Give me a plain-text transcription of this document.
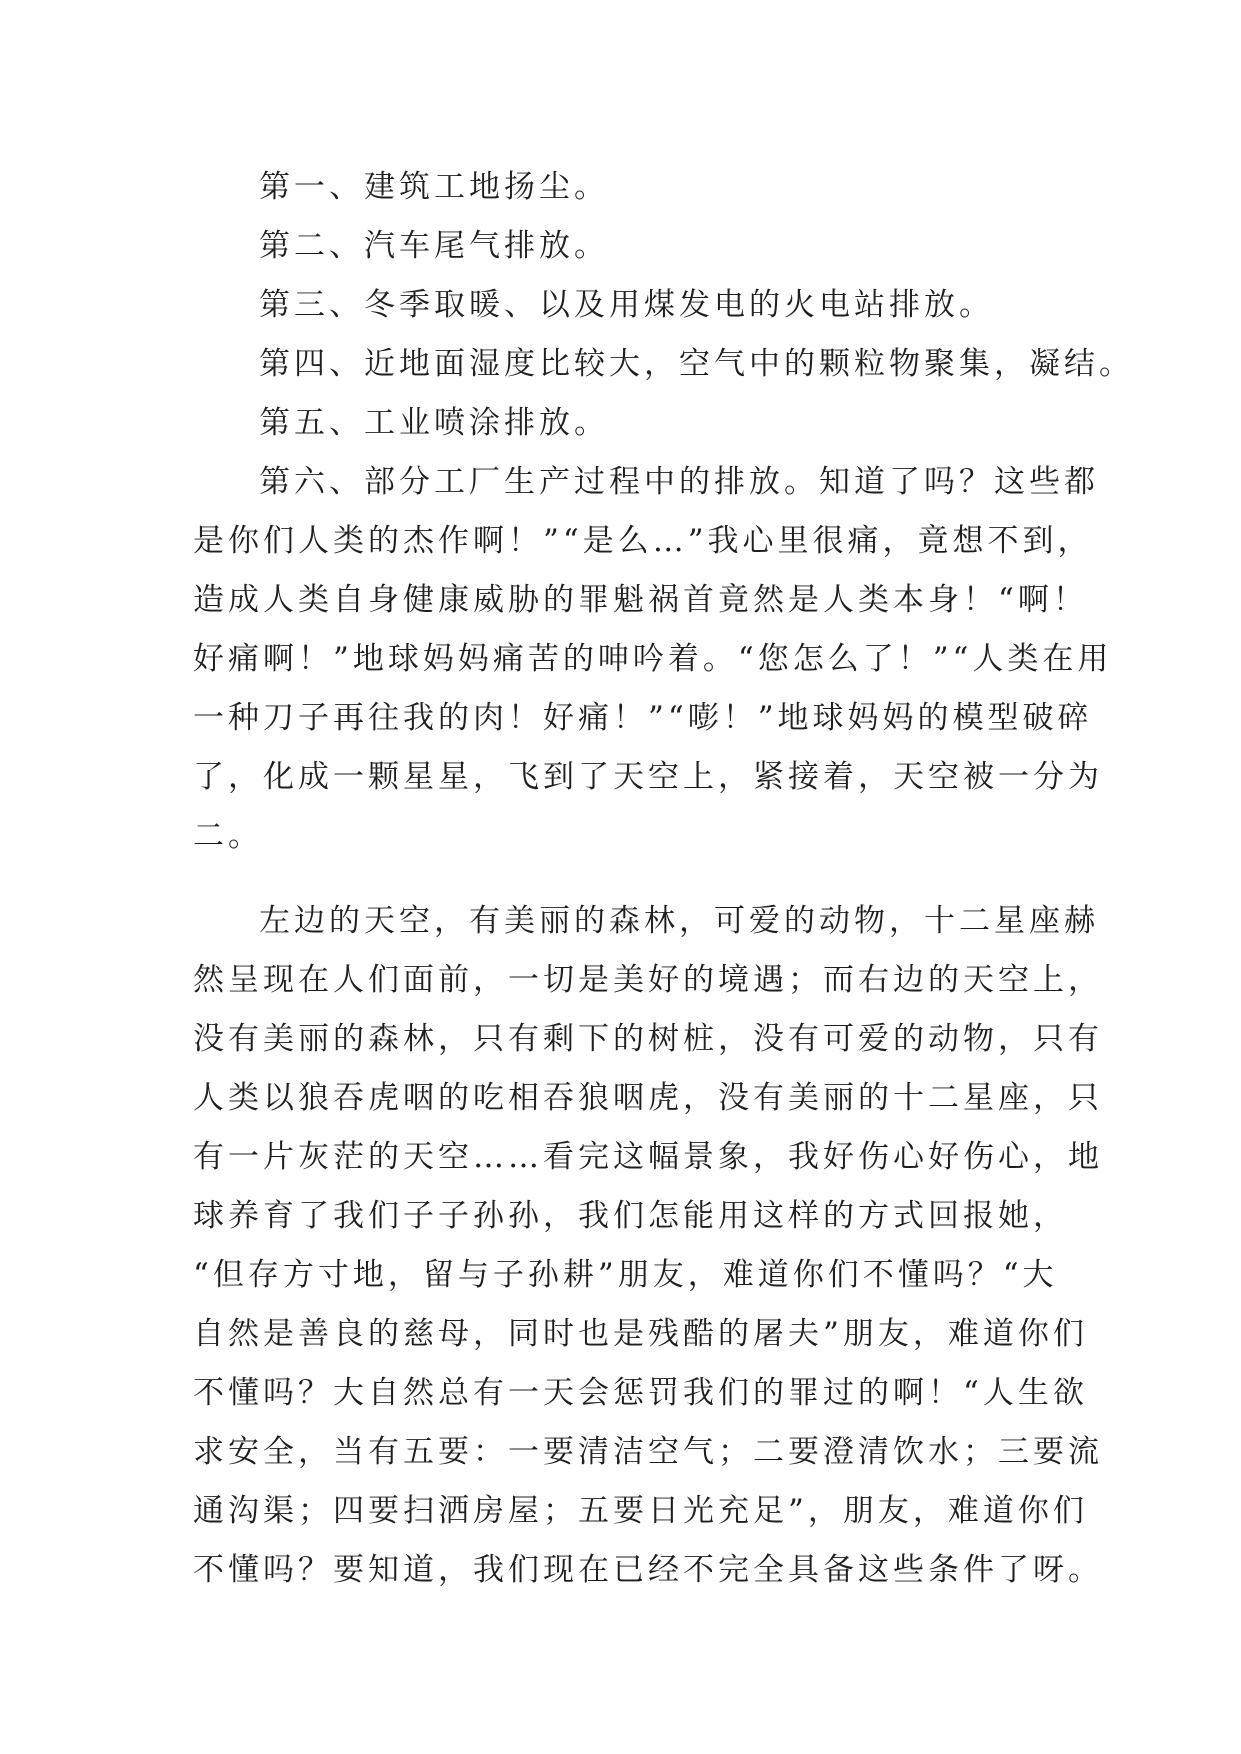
第一、建筑工地扬尘。
第二、汽车尾气排放。
第三、冬季取暖、以及用煤发电的火电站排放。
第四、近地面湿度比较大，空气中的颗粒物聚集，凝结。
第五、工业喷涂排放。
第六、部分工厂生产过程中的排放。知道了吗？这些都
是你们人类的杰作啊！”“是么…”我心里很痛，竟想不到，
造成人类自身健康威胁的罪魁祸首竟然是人类本身！“啊！
好痛啊！”地球妈妈痛苦的呻吟着。“您怎么了！”“人类在用
一种刀子再往我的肉！好痛！”“嘭！”地球妈妈的模型破碎
了，化成一颗星星，飞到了天空上，紧接着，天空被一分为
二。
左边的天空，有美丽的森林，可爱的动物，十二星座赫
然呈现在人们面前，一切是美好的境遇；而右边的天空上，
没有美丽的森林，只有剩下的树桩，没有可爱的动物，只有
人类以狼吞虎咽的吃相吞狼咽虎，没有美丽的十二星座，只
有一片灰茫的天空……看完这幅景象，我好伤心好伤心，地
球养育了我们子子孙孙，我们怎能用这样的方式回报她，
“但存方寸地，留与子孙耕”朋友，难道你们不懂吗？“大
自然是善良的慈母，同时也是残酷的屠夫”朋友，难道你们
不懂吗？大自然总有一天会惩罚我们的罪过的啊！“人生欲
求安全，当有五要：一要清洁空气；二要澄清饮水；三要流
通沟渠；四要扫洒房屋；五要日光充足”，朋友，难道你们
不懂吗？要知道，我们现在已经不完全具备这些条件了呀。
